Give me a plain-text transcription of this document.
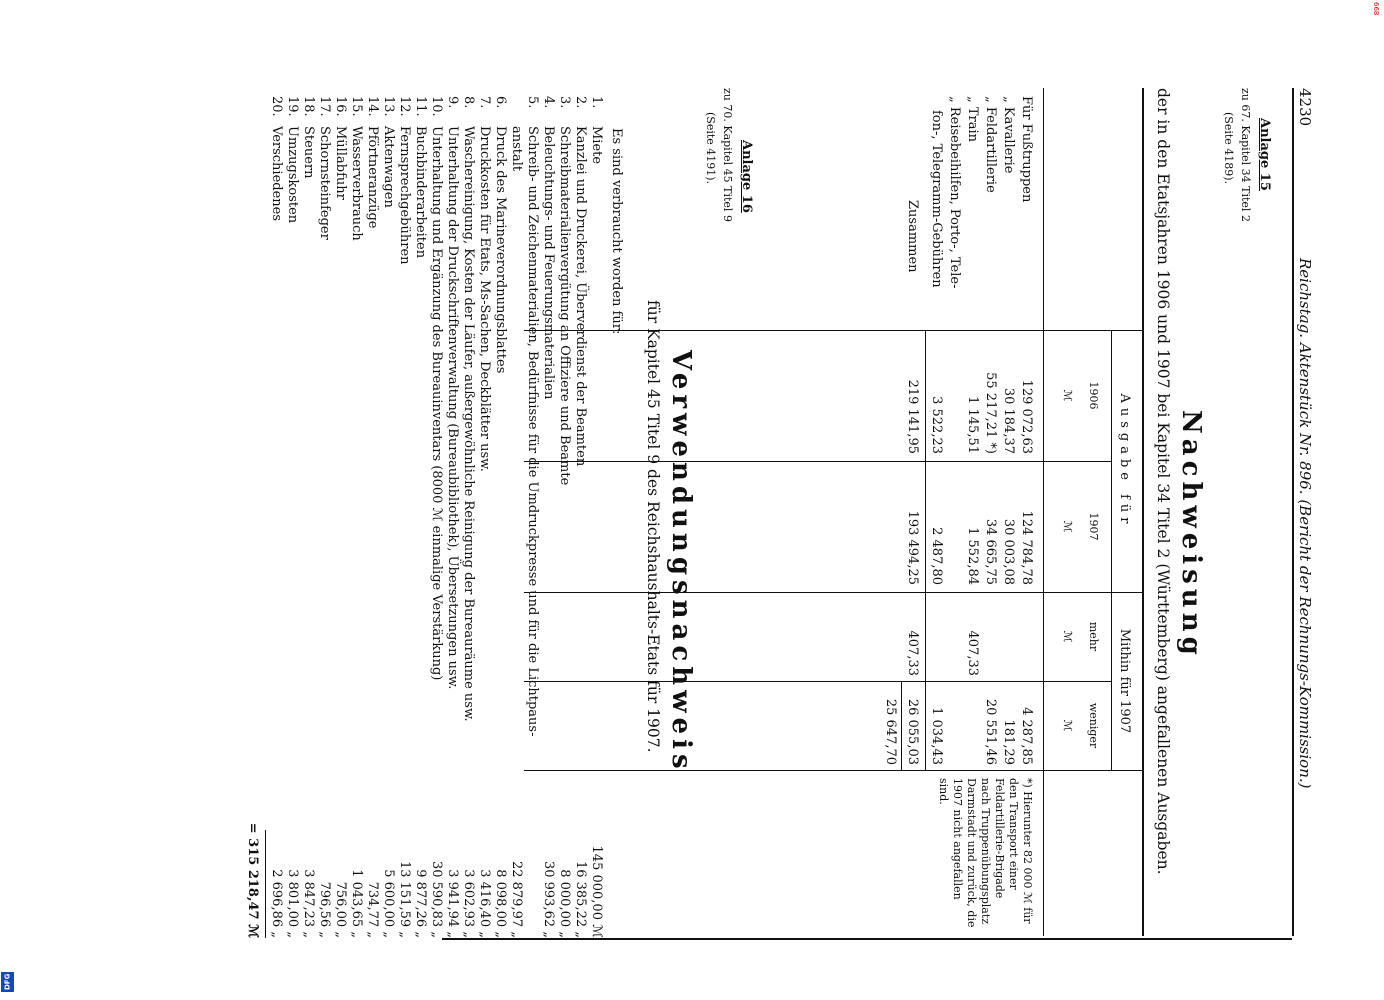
DFG
668
4230
Reichstag. Aktenstück Nr. 896. (Bericht der Rechnungs-Kommission.)
Anlage 15
zu 67. Kapitel 34 Titel 2
(Seite 4189).
Nachweisung
der in den Etatsjahren 1906 und 1907 bei Kapitel 34 Titel 2 (Württemberg) angefallenen Ausgaben.
Ausgabe für
Mithin für 1907
1906
1907
mehr
weniger
ℳ
ℳ
ℳ
ℳ
Für Fußtruppen
129 072,63
124 784,78
4 287,85
„ Kavallerie
30 184,37
30 003,08
181,29
„ Feldartillerie
55 217,21 *)
34 665,75
20 551,46
„ Train
1 145,51
1 552,84
407,33
„ Reisebeihilfen, Porto-, Tele-
fon-, Telegramm-Gebühren
3 522,23
2 487,80
1 034,43
Zusammen
219 141,95
193 494,25
407,33
26 055,03
25 647,70
*) Hierunter 82 000 ℳ für den Transport einer Feldartillerie-Brigade nach Truppenübungsplatz Darmstadt und zurück, die 1907 nicht angefallen sind.
Anlage 16
zu 70. Kapitel 45 Titel 9
(Seite 4191).
Verwendungsnachweis
für Kapitel 45 Titel 9 des Reichshaushalts-Etats für 1907.
Es sind verbraucht worden für:
1.
Miete
145 000,00 ℳ
2.
Kanzlei und Druckerei, Überverdienst der Beamten
16 385,22 „
3.
Schreibmaterialienvergütung an Offiziere und Beamte
8 000,00 „
4.
Beleuchtungs- und Feuerungsmaterialien
30 993,62 „
5.
Schreib- und Zeichenmaterialien, Bedürfnisse für die Umdruckpresse und für die Lichtpaus-
anstalt
22 879,97 „
6.
Druck des Marineverordnungsblattes
8 098,00 „
7.
Druckkosten für Etats, Ms-Sachen, Deckblätter usw.
3 416,40 „
8.
Waschereinigung, Kosten der Läufer, außergewöhnliche Reinigung der Bureauräume usw.
3 602,93 „
9.
Unterhaltung der Druckschriftenverwaltung (Bureaubibliothek), Übersetzungen usw.
3 941,94 „
10.
Unterhaltung und Ergänzung des Bureauinventars (8000 ℳ einmalige Verstärkung)
30 590,83 „
11.
Buchbinderarbeiten
9 877,26 „
12.
Fernsprechgebühren
13 151,59 „
13.
Aktenwagen
5 600,00 „
14.
Pförtneranzüge
734,77 „
15.
Wasserverbrauch
1 043,65 „
16.
Müllabfuhr
756,00 „
17.
Schornsteinfeger
796,56 „
18.
Steuern
3 847,23 „
19.
Umzugskosten
3 801,00 „
20.
Verschiedenes
2 696,86 „
= 315 218,47 ℳ
